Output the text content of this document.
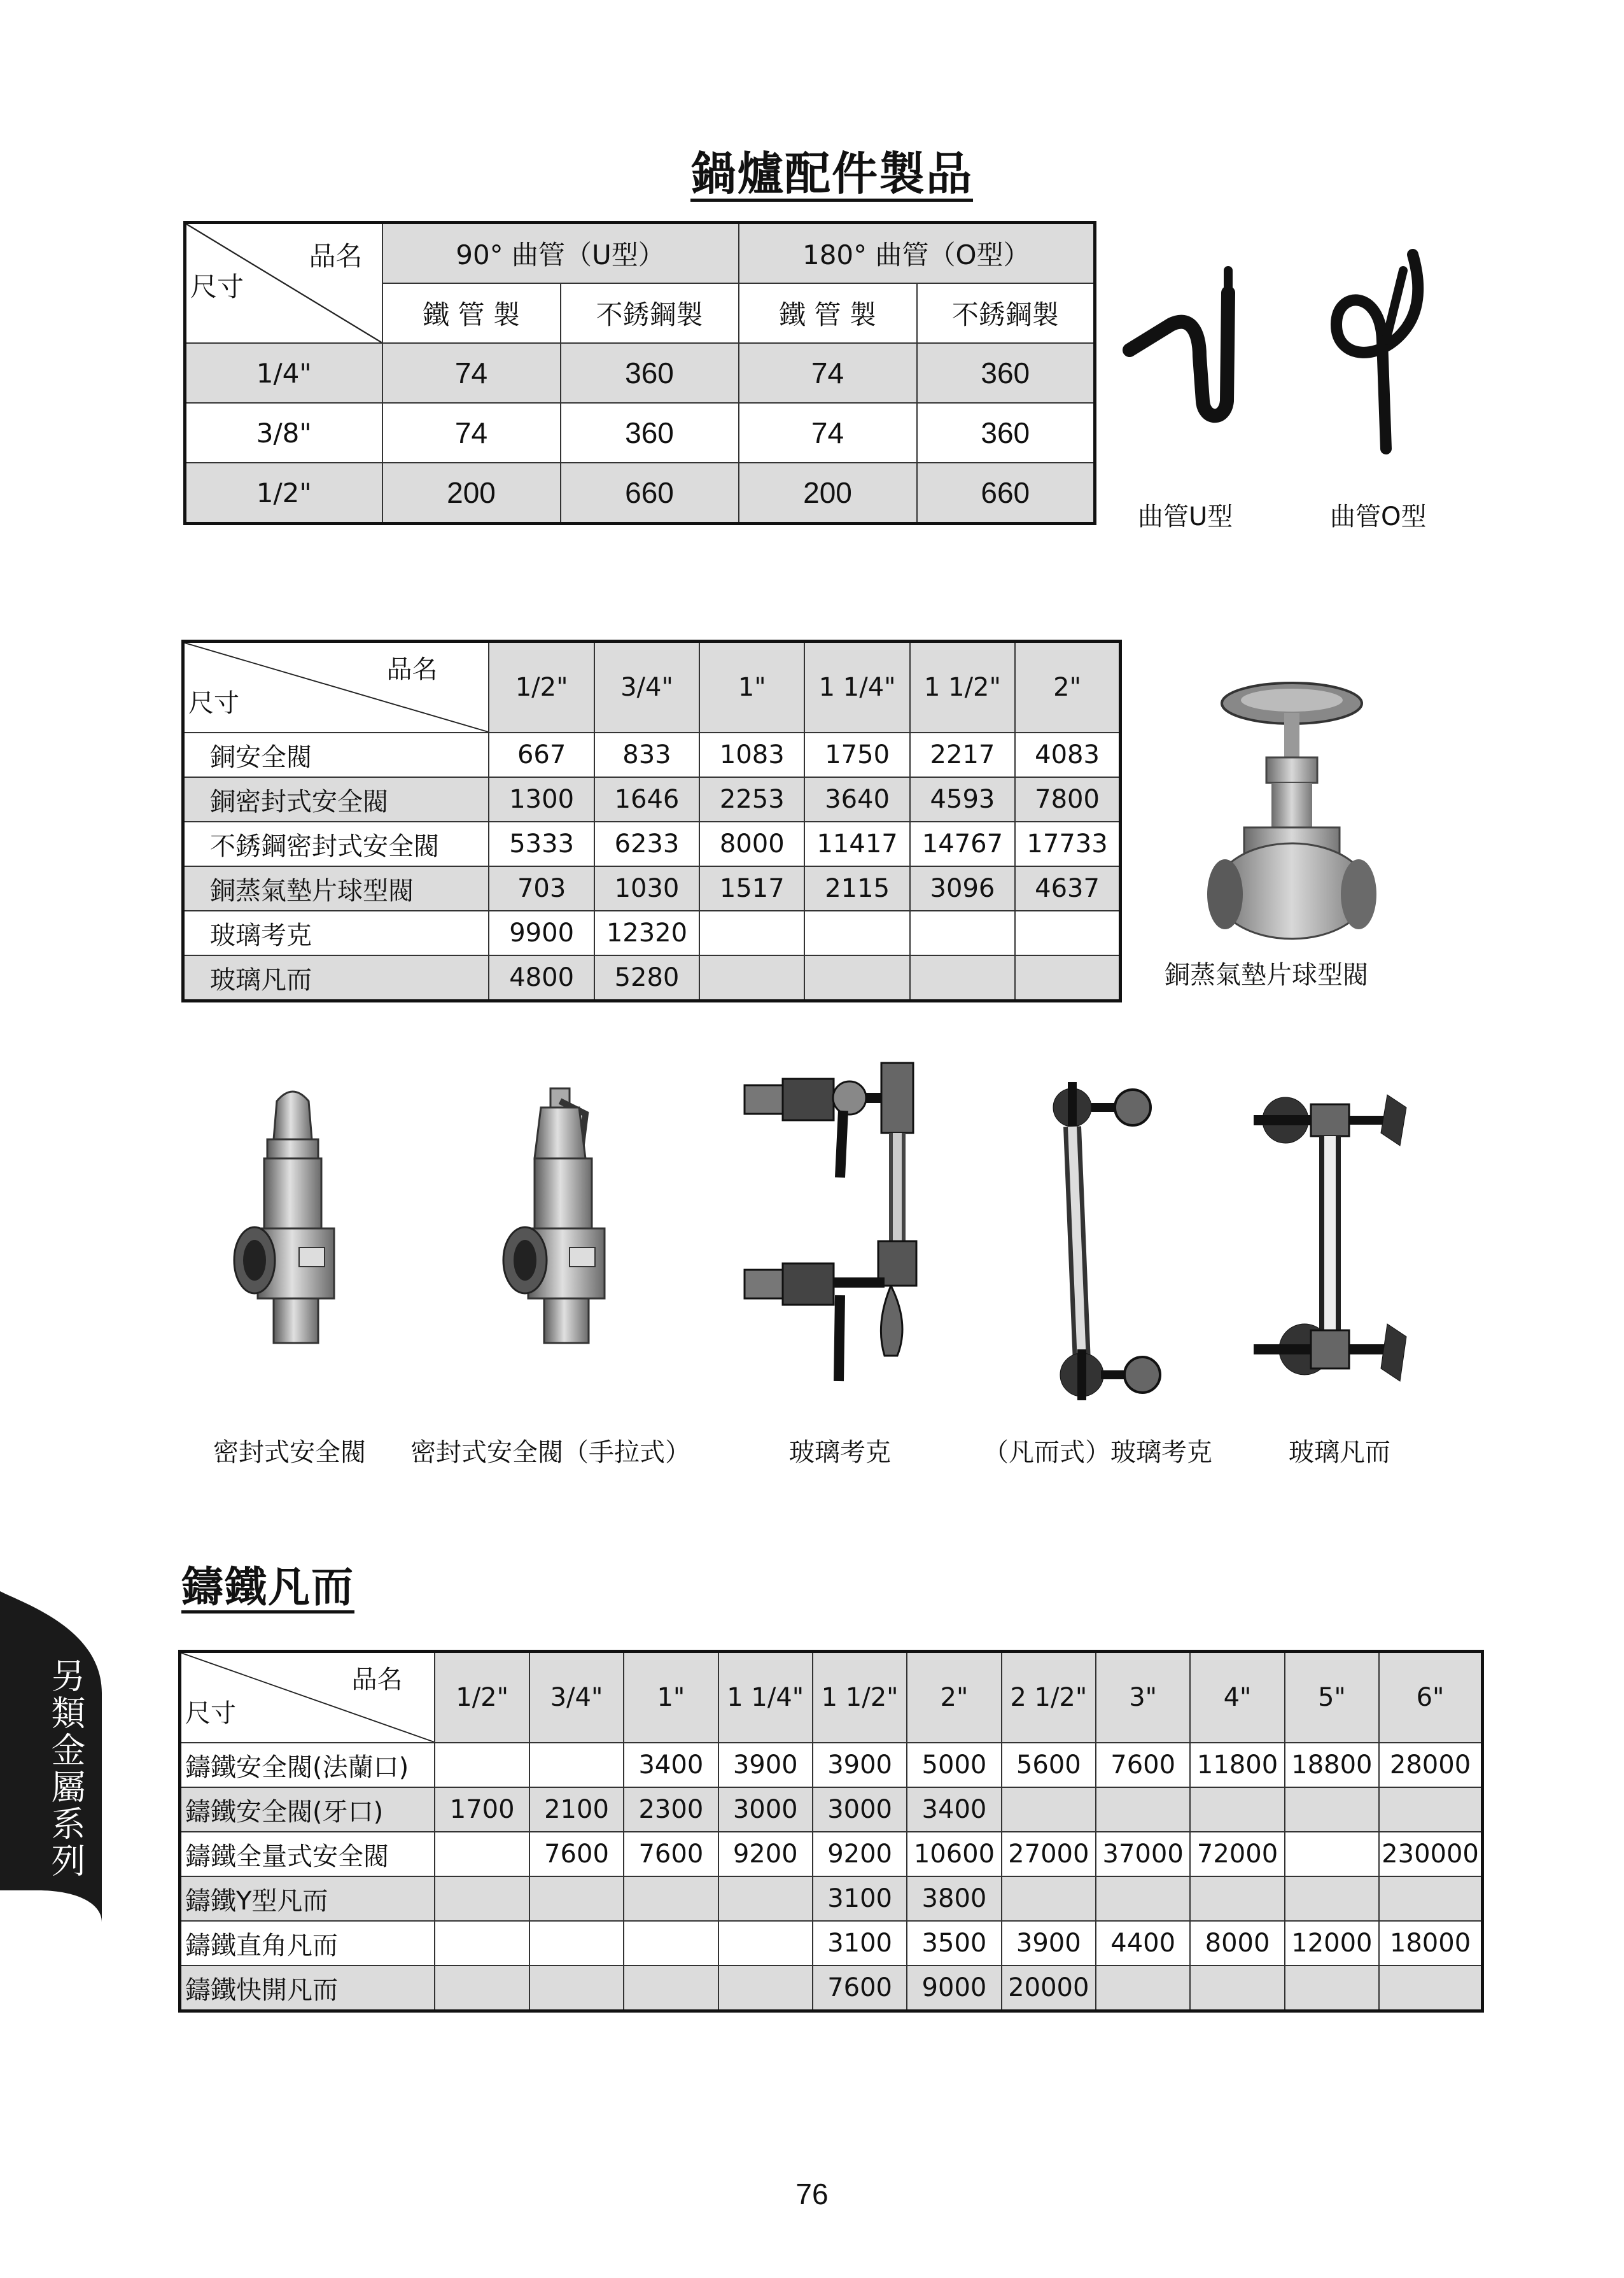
鍋爐配件製品
品名
尺寸	90° 曲管（U型）		180° 曲管（O型）	
	鐵 管 製	不銹鋼製	鐵 管 製	不銹鋼製
1/4"	74	360	74	360
3/8"	74	360	74	360
1/2"	200	660	200	660
曲管U型	曲管O型
品名
尺寸	1/2"	3/4"	1"	1 1/4"	1 1/2"	2"
銅安全閥	667	833	1083	1750	2217	4083
銅密封式安全閥	1300	1646	2253	3640	4593	7800
不銹鋼密封式安全閥	5333	6233	8000	11417	14767	17733
銅蒸氣墊片球型閥	703	1030	1517	2115	3096	4637
玻璃考克	9900	12320				
玻璃凡而	4800	5280					銅蒸氣墊片球型閥
密封式安全閥 密封式安全閥（手拉式）	玻璃考克	（凡而式）玻璃考克	玻璃凡而
鑄鐵凡而
品名
尺寸	1/2"	3/4"	1"	1 1/4"	1 1/2"	2"	2 1/2"	3"	4"	5"	6"
鑄鐵安全閥(法蘭口)			3400	3900	3900	5000	5600	7600	11800	18800	28000
鑄鐵安全閥(牙口)	1700	2100	2300	3000	3000	3400					
鑄鐵全量式安全閥		7600	7600	9200	9200	10600	27000	37000	72000		230000
鑄鐵Y型凡而					3100	3800					
鑄鐵直角凡而					3100	3500	3900	4400	8000	12000	18000
鑄鐵快開凡而					7600	9000	20000				
另類金屬系列
76
